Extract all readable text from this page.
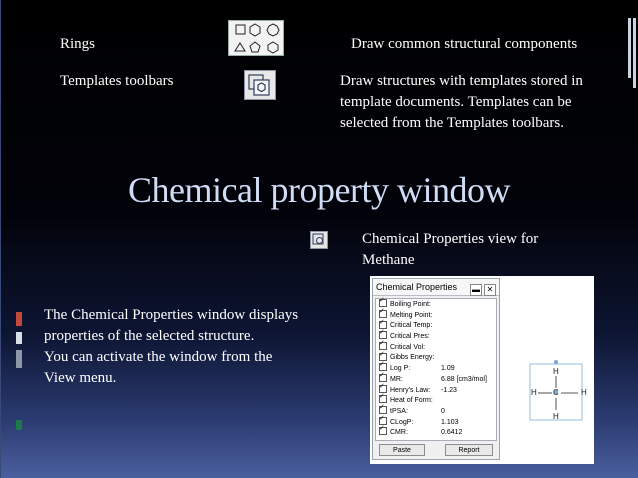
Rings	Draw common structural components
Templates toolbars	Draw structures with templates stored in template documents. Templates can be selected from the Templates toolbars.
Chemical property window
Chemical Properties view for Methane
The Chemical Properties window displays
properties of the selected structure.
You can activate the window from the
View menu.
Chemical Properties	▬ ✕
✓Boiling Point:
✓Melting Point:
✓Critical Temp:
✓Critical Pres:
✓Critical Vol:
✓Gibbs Energy:
✓Log P:	1.09
✓MR:	6.88 [cm3/mol]
✓Henry's Law: -1.23
✓Heat of Form:
✓tPSA:	0
✓CLogP:	1.103
✓CMR:	0.6412
Paste	Report
H
H
H	H
C
